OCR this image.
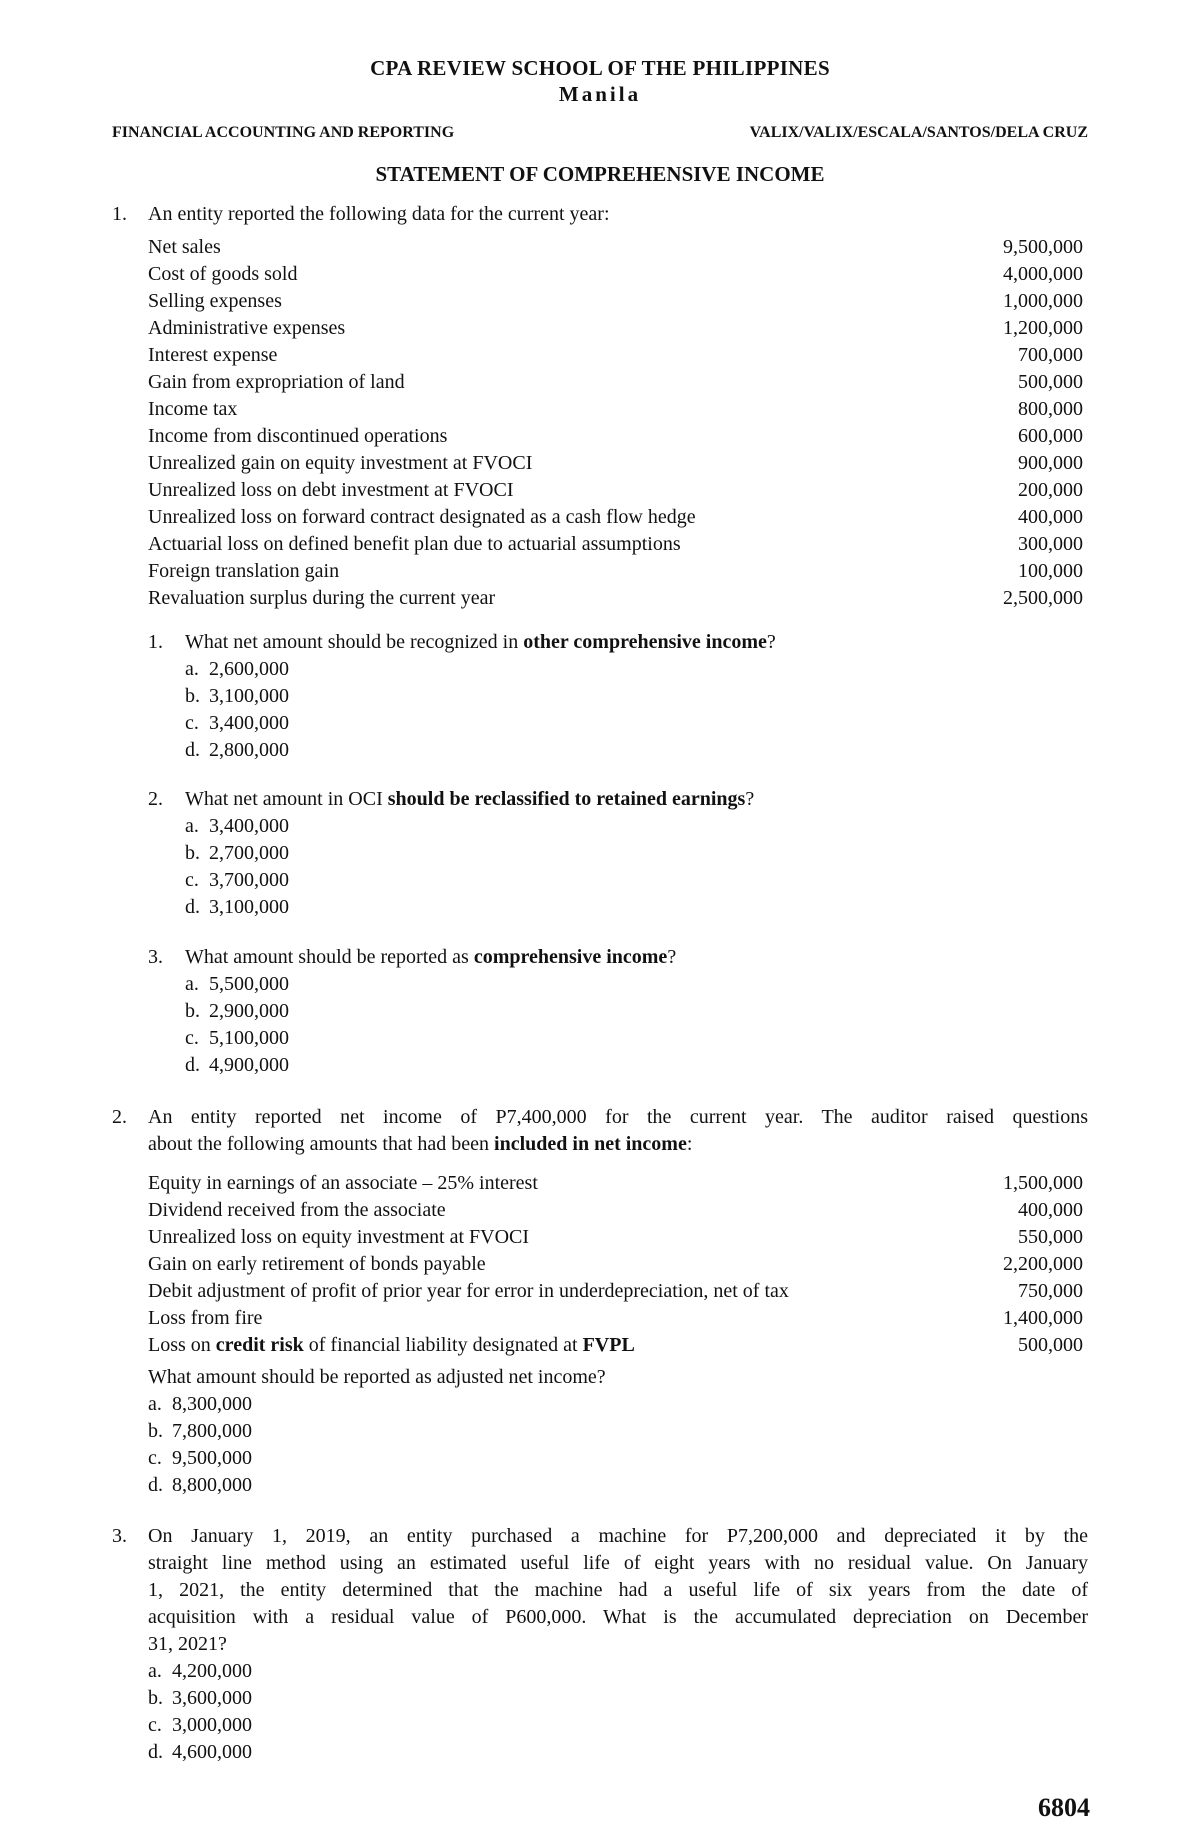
CPA REVIEW SCHOOL OF THE PHILIPPINES
Manila
FINANCIAL ACCOUNTING AND REPORTING	VALIX/VALIX/ESCALA/SANTOS/DELA CRUZ
STATEMENT OF COMPREHENSIVE INCOME
1. An entity reported the following data for the current year:
Net sales	9,500,000
Cost of goods sold	4,000,000
Selling expenses	1,000,000
Administrative expenses	1,200,000
Interest expense	700,000
Gain from expropriation of land	500,000
Income tax	800,000
Income from discontinued operations	600,000
Unrealized gain on equity investment at FVOCI	900,000
Unrealized loss on debt investment at FVOCI	200,000
Unrealized loss on forward contract designated as a cash flow hedge	400,000
Actuarial loss on defined benefit plan due to actuarial assumptions	300,000
Foreign translation gain	100,000
Revaluation surplus during the current year	2,500,000
1. What net amount should be recognized in other comprehensive income?
a. 2,600,000
b. 3,100,000
c. 3,400,000
d. 2,800,000
2. What net amount in OCI should be reclassified to retained earnings?
a. 3,400,000
b. 2,700,000
c. 3,700,000
d. 3,100,000
3. What amount should be reported as comprehensive income?
a. 5,500,000
b. 2,900,000
c. 5,100,000
d. 4,900,000
2. An entity reported net income of P7,400,000 for the current year. The auditor raised questions
about the following amounts that had been included in net income:
Equity in earnings of an associate – 25% interest	1,500,000
Dividend received from the associate	400,000
Unrealized loss on equity investment at FVOCI	550,000
Gain on early retirement of bonds payable	2,200,000
Debit adjustment of profit of prior year for error in underdepreciation, net of tax	750,000
Loss from fire	1,400,000
Loss on credit risk of financial liability designated at FVPL	500,000
What amount should be reported as adjusted net income?
a. 8,300,000
b. 7,800,000
c. 9,500,000
d. 8,800,000
3. On January 1, 2019, an entity purchased a machine for P7,200,000 and depreciated it by the
straight line method using an estimated useful life of eight years with no residual value. On January
1, 2021, the entity determined that the machine had a useful life of six years from the date of
acquisition with a residual value of P600,000. What is the accumulated depreciation on December
31, 2021?
a. 4,200,000
b. 3,600,000
c. 3,000,000
d. 4,600,000
6804
